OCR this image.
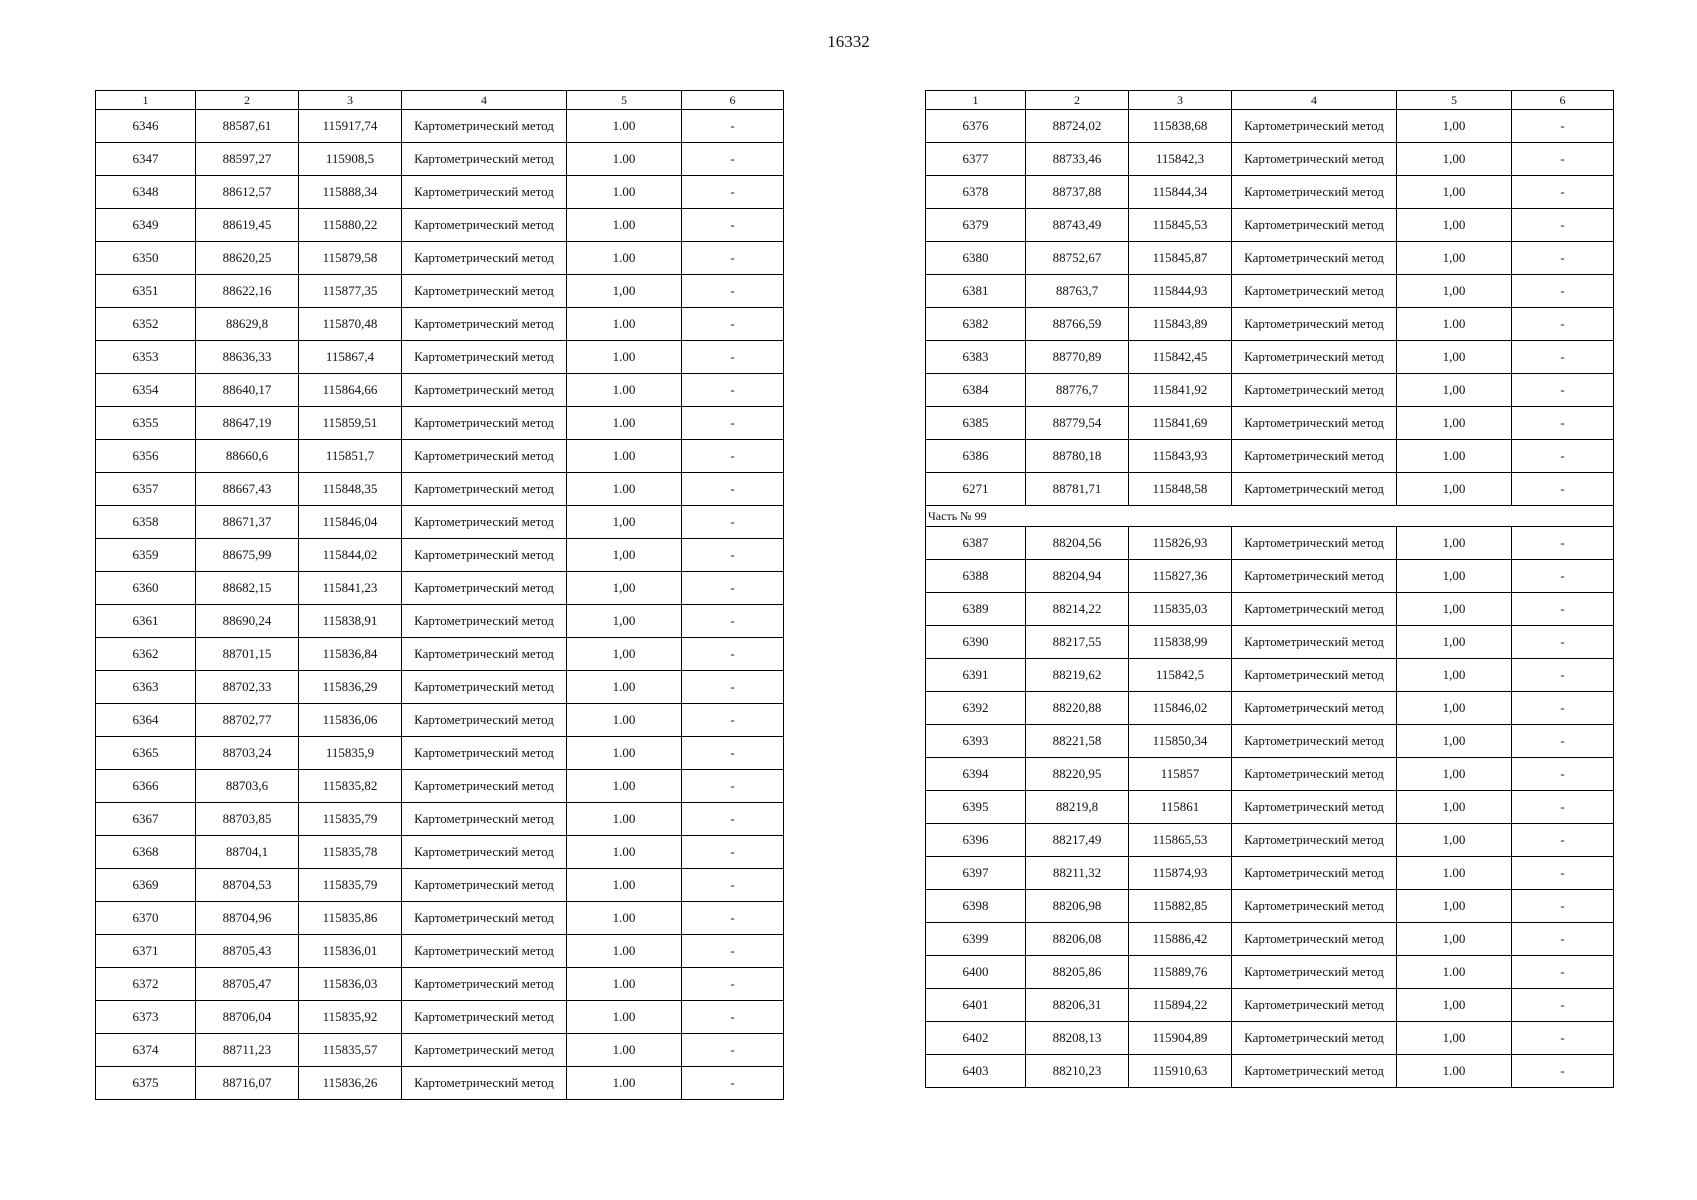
16332
1	2	3	4	5	6
6346	88587,61	115917,74	Картометрический метод	1.00	-
6347	88597,27	115908,5	Картометрический метод	1.00	-
6348	88612,57	115888,34	Картометрический метод	1.00	-
6349	88619,45	115880,22	Картометрический метод	1.00	-
6350	88620,25	115879,58	Картометрический метод	1.00	-
6351	88622,16	115877,35	Картометрический метод	1,00	-
6352	88629,8	115870,48	Картометрический метод	1.00	-
6353	88636,33	115867,4	Картометрический метод	1.00	-
6354	88640,17	115864,66	Картометрический метод	1.00	-
6355	88647,19	115859,51	Картометрический метод	1.00	-
6356	88660,6	115851,7	Картометрический метод	1.00	-
6357	88667,43	115848,35	Картометрический метод	1.00	-
6358	88671,37	115846,04	Картометрический метод	1,00	-
6359	88675,99	115844,02	Картометрический метод	1,00	-
6360	88682,15	115841,23	Картометрический метод	1,00	-
6361	88690,24	115838,91	Картометрический метод	1,00	-
6362	88701,15	115836,84	Картометрический метод	1,00	-
6363	88702,33	115836,29	Картометрический метод	1.00	-
6364	88702,77	115836,06	Картометрический метод	1.00	-
6365	88703,24	115835,9	Картометрический метод	1.00	-
6366	88703,6	115835,82	Картометрический метод	1.00	-
6367	88703,85	115835,79	Картометрический метод	1.00	-
6368	88704,1	115835,78	Картометрический метод	1.00	-
6369	88704,53	115835,79	Картометрический метод	1.00	-
6370	88704,96	115835,86	Картометрический метод	1.00	-
6371	88705,43	115836,01	Картометрический метод	1.00	-
6372	88705,47	115836,03	Картометрический метод	1.00	-
6373	88706,04	115835,92	Картометрический метод	1.00	-
6374	88711,23	115835,57	Картометрический метод	1.00	-
6375	88716,07	115836,26	Картометрический метод	1.00	-
1	2	3	4	5	6
6376	88724,02	115838,68	Картометрический метод	1,00	-
6377	88733,46	115842,3	Картометрический метод	1,00	-
6378	88737,88	115844,34	Картометрический метод	1,00	-
6379	88743,49	115845,53	Картометрический метод	1,00	-
6380	88752,67	115845,87	Картометрический метод	1,00	-
6381	88763,7	115844,93	Картометрический метод	1,00	-
6382	88766,59	115843,89	Картометрический метод	1.00	-
6383	88770,89	115842,45	Картометрический метод	1,00	-
6384	88776,7	115841,92	Картометрический метод	1,00	-
6385	88779,54	115841,69	Картометрический метод	1,00	-
6386	88780,18	115843,93	Картометрический метод	1.00	-
6271	88781,71	115848,58	Картометрический метод	1,00	-
Часть № 99					
6387	88204,56	115826,93	Картометрический метод	1,00	-
6388	88204,94	115827,36	Картометрический метод	1,00	-
6389	88214,22	115835,03	Картометрический метод	1,00	-
6390	88217,55	115838,99	Картометрический метод	1,00	-
6391	88219,62	115842,5	Картометрический метод	1,00	-
6392	88220,88	115846,02	Картометрический метод	1,00	-
6393	88221,58	115850,34	Картометрический метод	1,00	-
6394	88220,95	115857	Картометрический метод	1,00	-
6395	88219,8	115861	Картометрический метод	1,00	-
6396	88217,49	115865,53	Картометрический метод	1,00	-
6397	88211,32	115874,93	Картометрический метод	1.00	-
6398	88206,98	115882,85	Картометрический метод	1,00	-
6399	88206,08	115886,42	Картометрический метод	1,00	-
6400	88205,86	115889,76	Картометрический метод	1.00	-
6401	88206,31	115894,22	Картометрический метод	1,00	-
6402	88208,13	115904,89	Картометрический метод	1,00	-
6403	88210,23	115910,63	Картометрический метод	1.00	-
